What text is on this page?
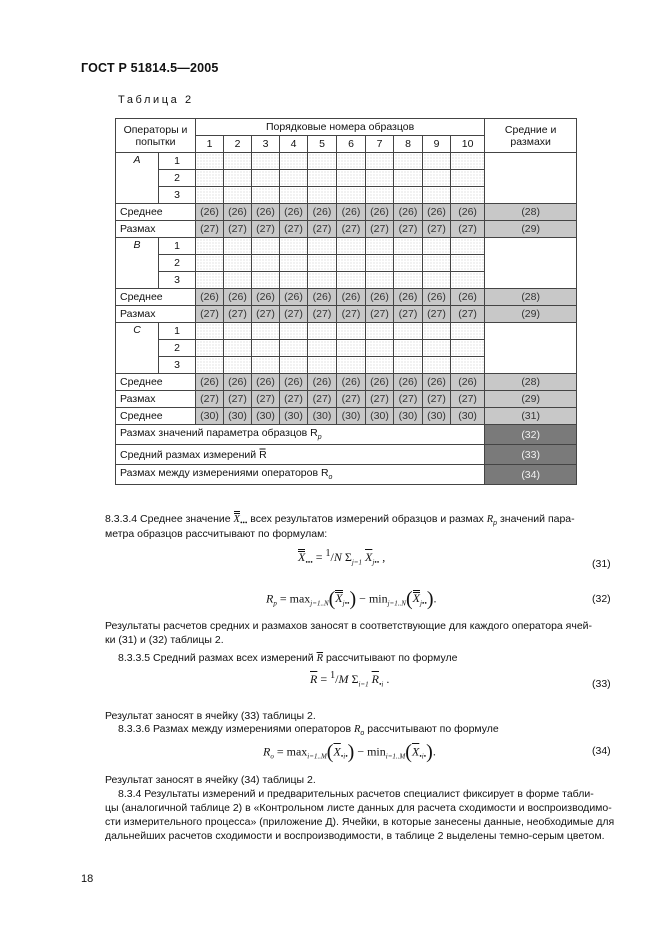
ГОСТ Р 51814.5—2005
Таблица 2
Операторы и попытки		Порядковые номера образцов										Средние и размахи
		1	2	3	4	5	6	7	8	9	10	
A	1											
	2											
	3											
Среднее		(26)	(26)	(26)	(26)	(26)	(26)	(26)	(26)	(26)	(26)	(28)
Размах		(27)	(27)	(27)	(27)	(27)	(27)	(27)	(27)	(27)	(27)	(29)
B	1											
	2											
	3											
Среднее		(26)	(26)	(26)	(26)	(26)	(26)	(26)	(26)	(26)	(26)	(28)
Размах		(27)	(27)	(27)	(27)	(27)	(27)	(27)	(27)	(27)	(27)	(29)
C	1											
	2											
	3											
Среднее		(26)	(26)	(26)	(26)	(26)	(26)	(26)	(26)	(26)	(26)	(28)
Размах		(27)	(27)	(27)	(27)	(27)	(27)	(27)	(27)	(27)	(27)	(29)
Среднее		(30)	(30)	(30)	(30)	(30)	(30)	(30)	(30)	(30)	(30)	(31)
Размах значений параметра образцов $R_p$												(32)
Средний размах измерений R̿												(33)
Размах между измерениями операторов $R_o$												(34)
8.3.3.4 Среднее значение $X_{•••}$ всех результатов измерений образцов и размах $R_p$ значений пара-
метра образцов рассчитывают по формулам:
$X_{•••} = ^1/N$ $\Sigma_{j=1}$ $\overline{X}_{j••}$ ,	(31)
$R_p = \max_{j=1..N}(X_{j••}) - \min_{j=1..N}(X_{j••})$.	(32)
Результаты расчетов средних и размахов заносят в соответствующие для каждого оператора ячей-
ки (31) и (32) таблицы 2.
8.3.3.5 Средний размах всех измерений $\overline{R}$ рассчитывают по формуле
$\overline{R} = ^1/M$ $\Sigma_{i=1}$ $\overline{R}_{•i}$ .	(33)
Результат заносят в ячейку (33) таблицы 2.
8.3.3.6 Размах между измерениями операторов $R_o$ рассчитывают по формуле
$R_o = \max_{i=1..M}(\overline{X}_{•i•}) - \min_{i=1..M}(\overline{X}_{•i•})$.	(34)
Результат заносят в ячейку (34) таблицы 2.
8.3.4 Результаты измерений и предварительных расчетов специалист фиксирует в форме табли-
цы (аналогичной таблице 2) в «Контрольном листе данных для расчета сходимости и воспроизводимо-
сти измерительного процесса» (приложение Д). Ячейки, в которые занесены данные, необходимые для
дальнейших расчетов сходимости и воспроизводимости, в таблице 2 выделены темно-серым цветом.
18
